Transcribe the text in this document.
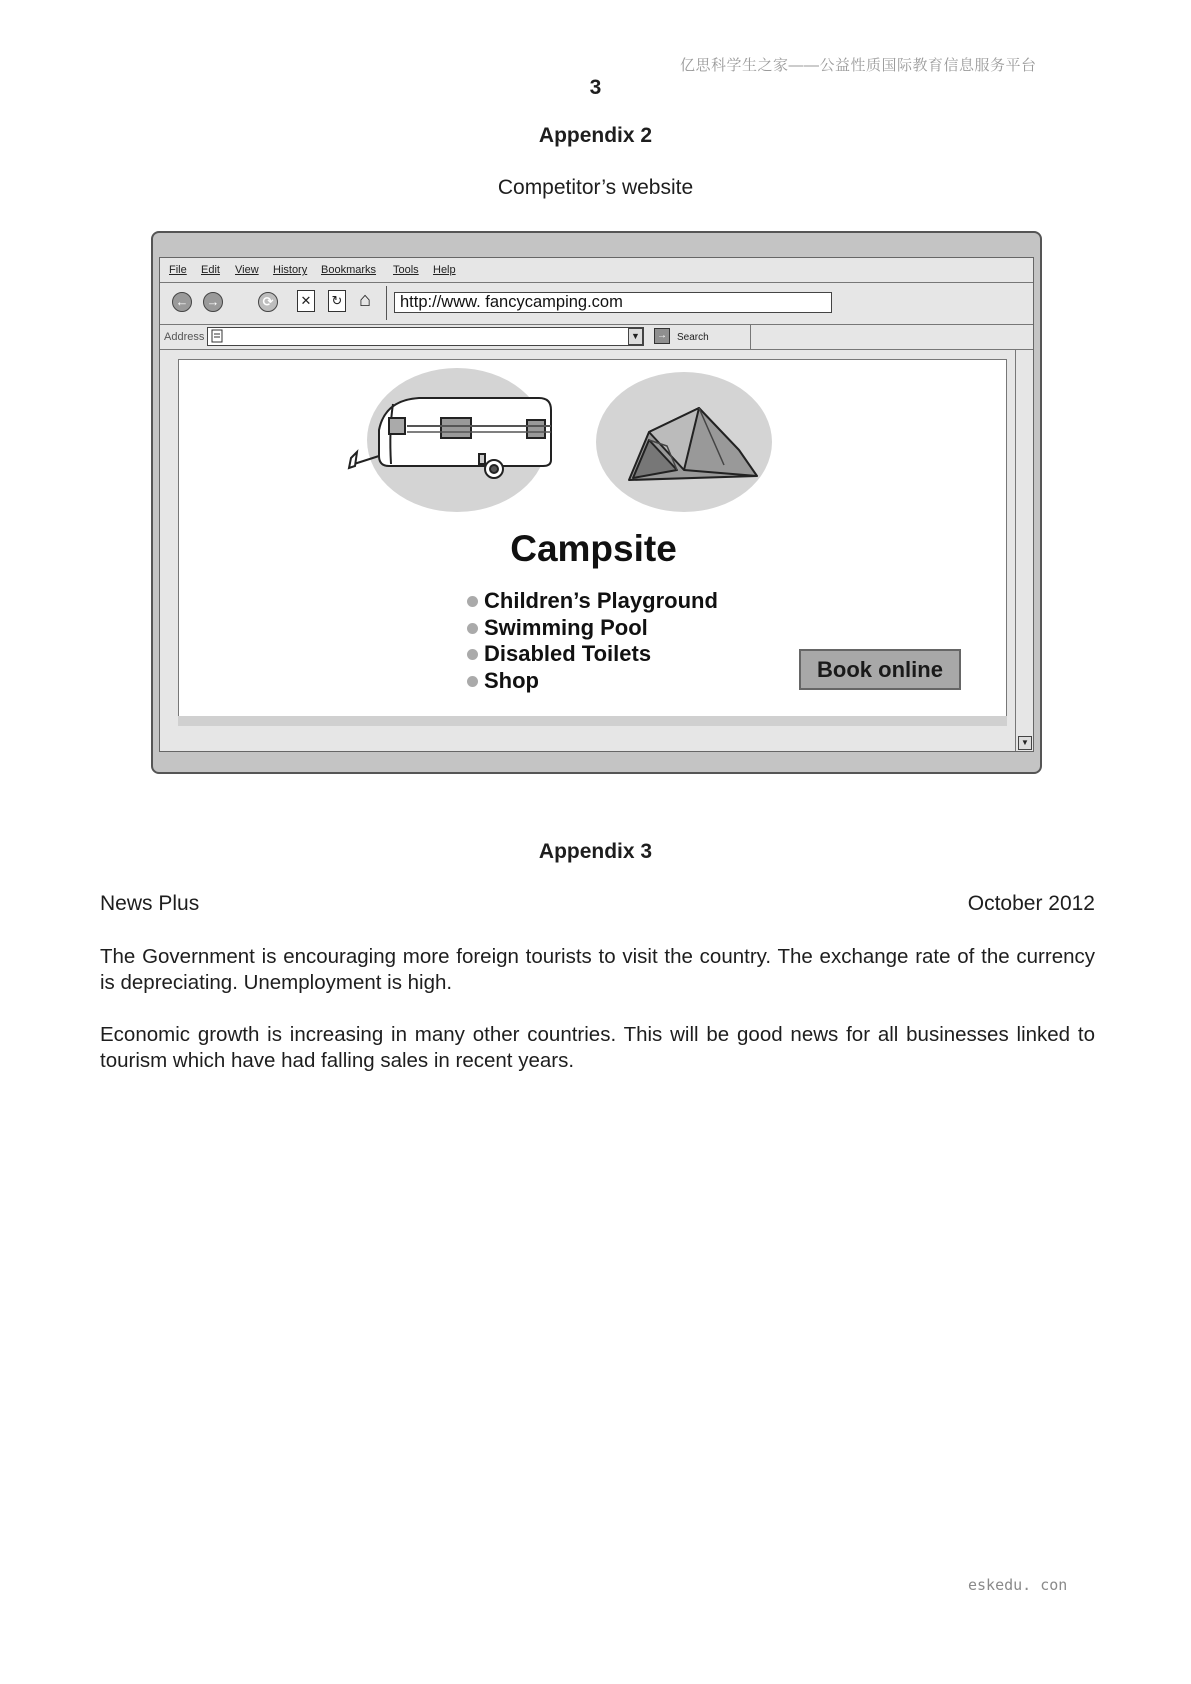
亿思科学生之家——公益性质国际教育信息服务平台
3
Appendix 2
Competitor’s website
File Edit View History Bookmarks Tools Help
← →	⟳	✕ ↻ ⌂	http://www. fancycamping.com
Address	▼	→	Search
Campsite
Children’s Playground
Swimming Pool
Disabled Toilets
Shop	Book online
▼
Appendix 3
News Plus	October 2012
The Government is encouraging more foreign tourists to visit the country. The exchange rate of the currency is depreciating. Unemployment is high.
Economic growth is increasing in many other countries. This will be good news for all businesses linked to tourism which have had falling sales in recent years.
eskedu. con
